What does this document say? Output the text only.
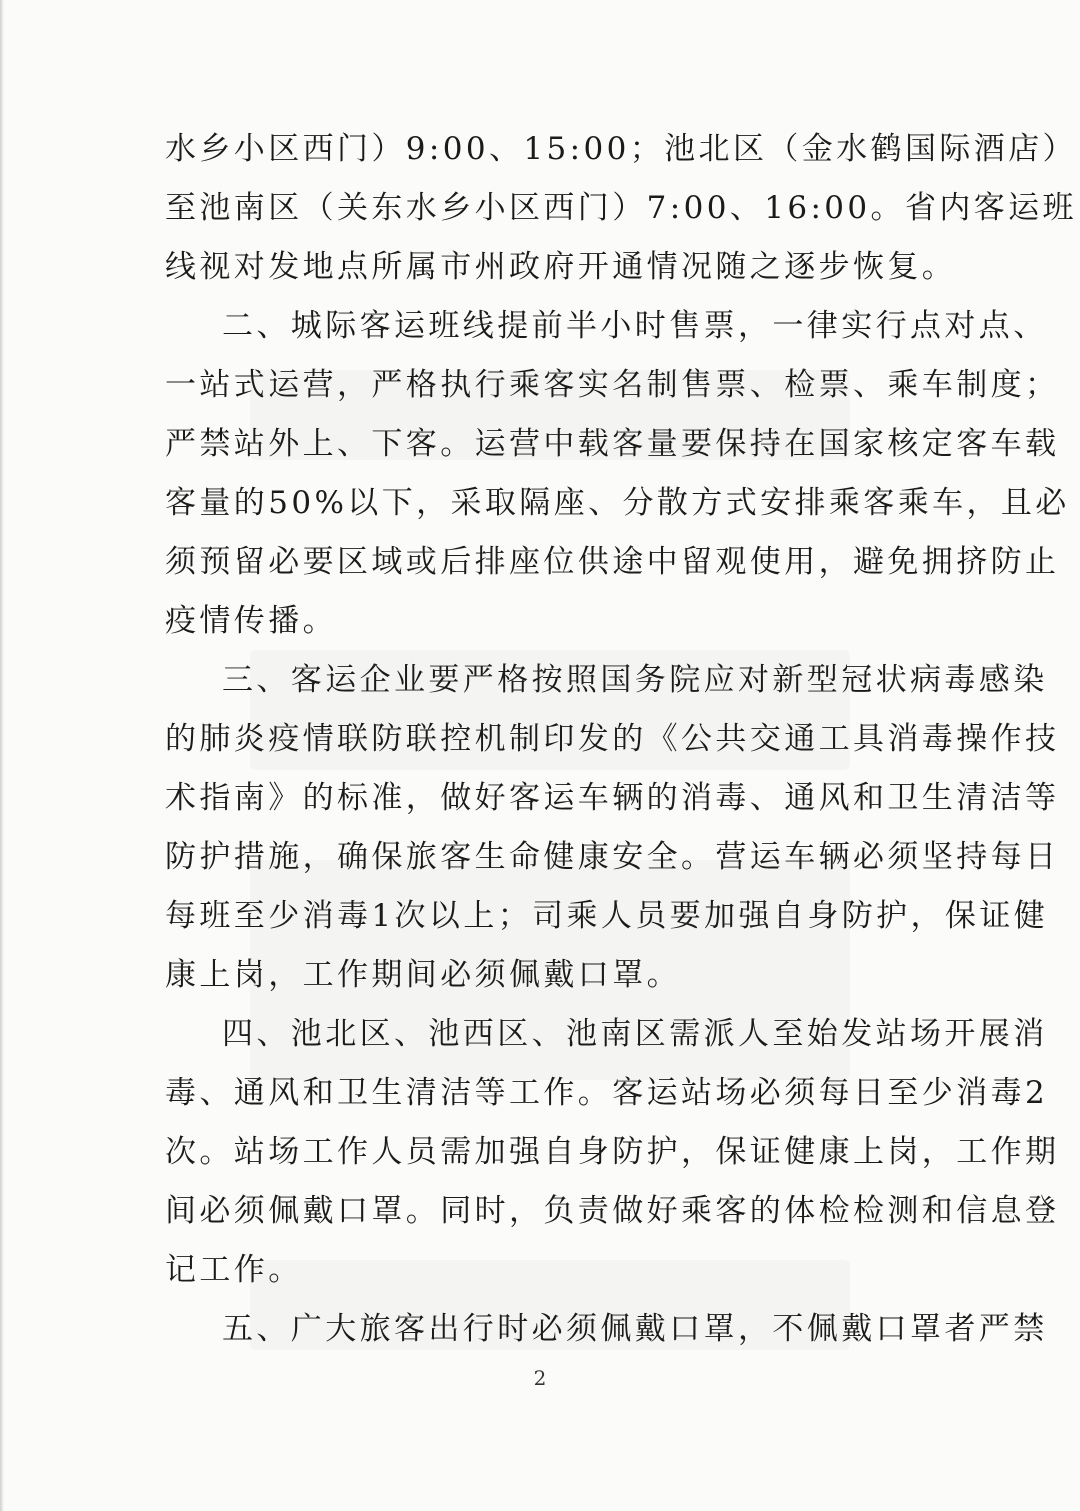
水乡小区西门）9:00、15:00；池北区（金水鹤国际酒店）
至池南区（关东水乡小区西门）7:00、16:00。省内客运班
线视对发地点所属市州政府开通情况随之逐步恢复。
二、城际客运班线提前半小时售票，一律实行点对点、
一站式运营，严格执行乘客实名制售票、检票、乘车制度；
严禁站外上、下客。运营中载客量要保持在国家核定客车载
客量的50%以下，采取隔座、分散方式安排乘客乘车，且必
须预留必要区域或后排座位供途中留观使用，避免拥挤防止
疫情传播。
三、客运企业要严格按照国务院应对新型冠状病毒感染
的肺炎疫情联防联控机制印发的《公共交通工具消毒操作技
术指南》的标准，做好客运车辆的消毒、通风和卫生清洁等
防护措施，确保旅客生命健康安全。营运车辆必须坚持每日
每班至少消毒1次以上；司乘人员要加强自身防护，保证健
康上岗，工作期间必须佩戴口罩。
四、池北区、池西区、池南区需派人至始发站场开展消
毒、通风和卫生清洁等工作。客运站场必须每日至少消毒2
次。站场工作人员需加强自身防护，保证健康上岗，工作期
间必须佩戴口罩。同时，负责做好乘客的体检检测和信息登
记工作。
五、广大旅客出行时必须佩戴口罩，不佩戴口罩者严禁
2
